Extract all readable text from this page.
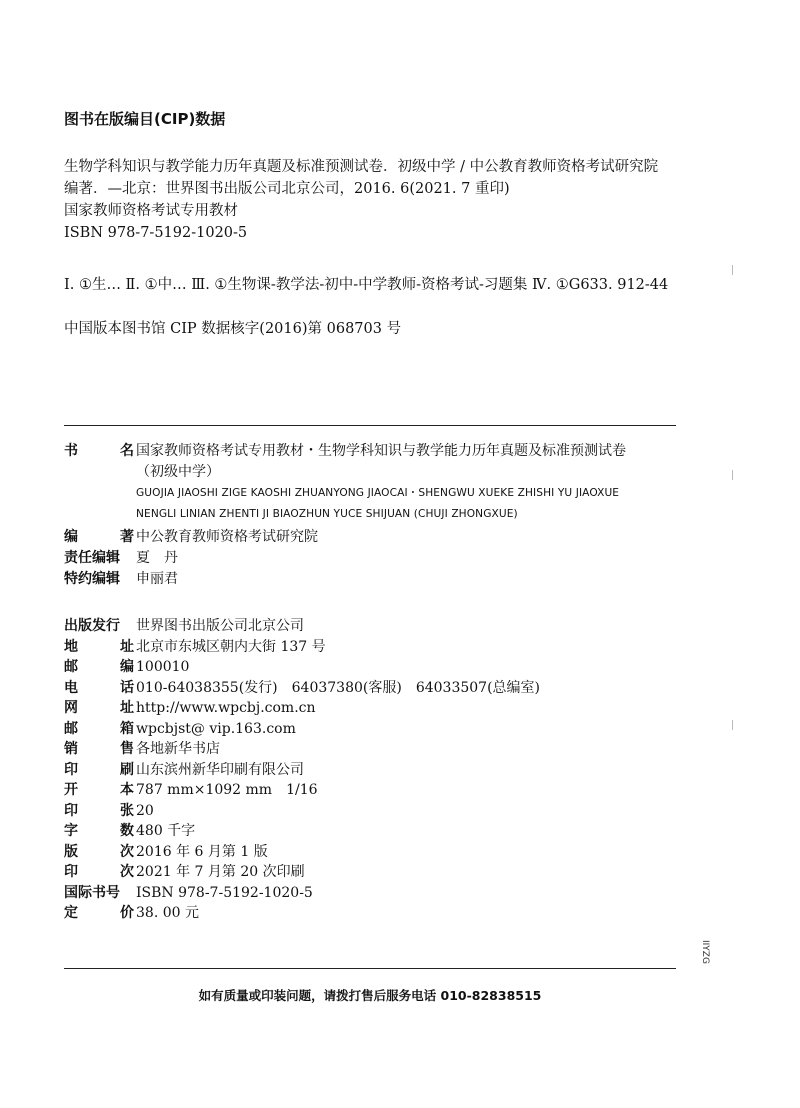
图书在版编目(CIP)数据
生物学科知识与教学能力历年真题及标准预测试卷．初级中学 / 中公教育教师资格考试研究院
编著．—北京：世界图书出版公司北京公司，2016. 6(2021. 7 重印)
国家教师资格考试专用教材
ISBN 978-7-5192-1020-5
Ⅰ. ①生… Ⅱ. ①中… Ⅲ. ①生物课-教学法-初中-中学教师-资格考试-习题集 Ⅳ. ①G633. 912-44
中国版本图书馆 CIP 数据核字(2016)第 068703 号
书	名 国家教师资格考试专用教材・生物学科知识与教学能力历年真题及标准预测试卷
（初级中学）
GUOJIA JIAOSHI ZIGE KAOSHI ZHUANYONG JIAOCAI・SHENGWU XUEKE ZHISHI YU JIAOXUE
NENGLI LINIAN ZHENTI JI BIAOZHUN YUCE SHIJUAN (CHUJI ZHONGXUE)
编	著 中公教育教师资格考试研究院
责任编辑 夏　丹
特约编辑 申丽君
出版发行 世界图书出版公司北京公司
地	址 北京市东城区朝内大街 137 号
邮	编 100010
电	话 010-64038355(发行)　64037380(客服)　64033507(总编室)
网	址 http://www.wpcbj.com.cn
邮	箱 wpcbjst@ vip.163.com
销	售 各地新华书店
印	刷 山东滨州新华印刷有限公司
开	本 787 mm×1092 mm　1/16
印	张 20
字	数 480 千字
版	次 2016 年 6 月第 1 版
印	次 2021 年 7 月第 20 次印刷
国际书号 ISBN 978-7-5192-1020-5
定	价 38. 00 元
如有质量或印装问题，请拨打售后服务电话 010-82838515
IIYZG
